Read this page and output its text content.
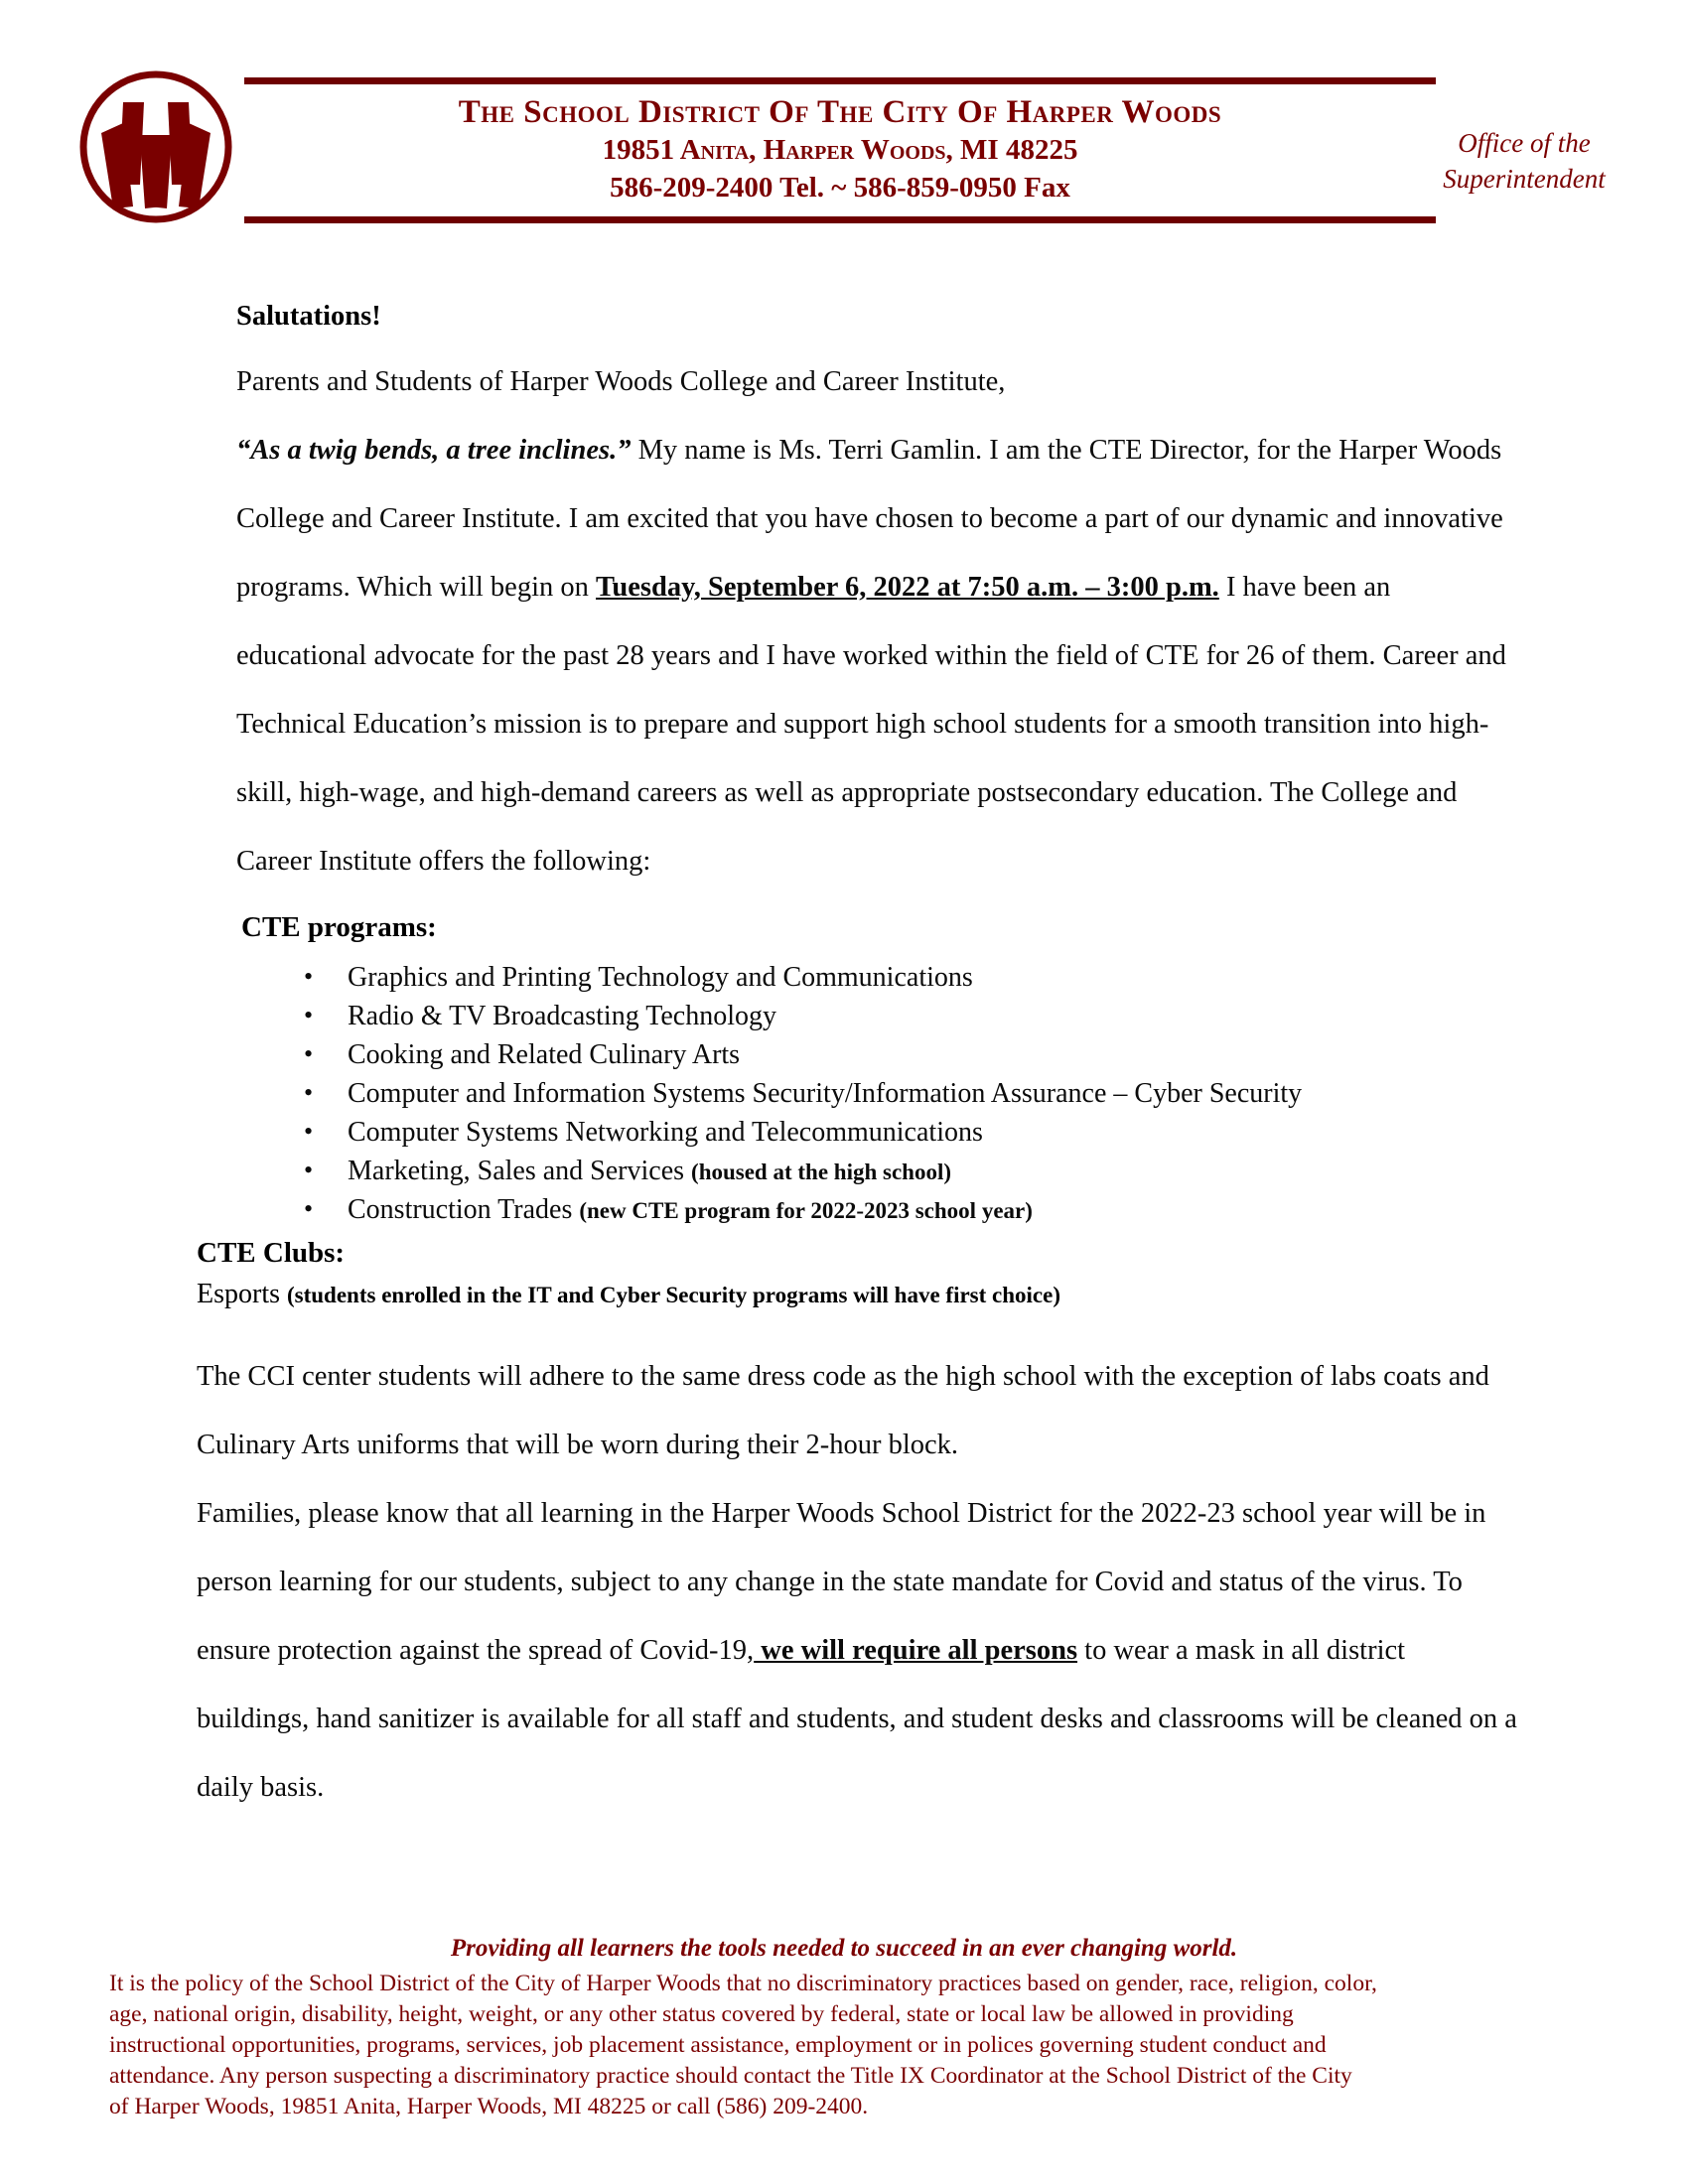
The School District Of The City Of Harper Woods
19851 Anita, Harper Woods, MI 48225
586-209-2400 Tel. ~ 586-859-0950 Fax
Office of the
Superintendent
Salutations!
Parents and Students of Harper Woods College and Career Institute,
“As a twig bends, a tree inclines.” My name is Ms. Terri Gamlin. I am the CTE Director, for the Harper Woods College and Career Institute. I am excited that you have chosen to become a part of our dynamic and innovative programs. Which will begin on Tuesday, September 6, 2022 at 7:50 a.m. – 3:00 p.m. I have been an educational advocate for the past 28 years and I have worked within the field of CTE for 26 of them. Career and Technical Education’s mission is to prepare and support high school students for a smooth transition into high-skill, high-wage, and high-demand careers as well as appropriate postsecondary education. The College and Career Institute offers the following:
CTE programs:
• Graphics and Printing Technology and Communications
• Radio & TV Broadcasting Technology
• Cooking and Related Culinary Arts
• Computer and Information Systems Security/Information Assurance – Cyber Security
• Computer Systems Networking and Telecommunications
• Marketing, Sales and Services (housed at the high school)
• Construction Trades (new CTE program for 2022-2023 school year)
CTE Clubs:
Esports (students enrolled in the IT and Cyber Security programs will have first choice)
The CCI center students will adhere to the same dress code as the high school with the exception of labs coats and Culinary Arts uniforms that will be worn during their 2-hour block.
Families, please know that all learning in the Harper Woods School District for the 2022-23 school year will be in person learning for our students, subject to any change in the state mandate for Covid and status of the virus. To ensure protection against the spread of Covid-19, we will require all persons to wear a mask in all district buildings, hand sanitizer is available for all staff and students, and student desks and classrooms will be cleaned on a daily basis.
Providing all learners the tools needed to succeed in an ever changing world.
It is the policy of the School District of the City of Harper Woods that no discriminatory practices based on gender, race, religion, color,
age, national origin, disability, height, weight, or any other status covered by federal, state or local law be allowed in providing
instructional opportunities, programs, services, job placement assistance, employment or in polices governing student conduct and
attendance. Any person suspecting a discriminatory practice should contact the Title IX Coordinator at the School District of the City
of Harper Woods, 19851 Anita, Harper Woods, MI 48225 or call (586) 209-2400.
